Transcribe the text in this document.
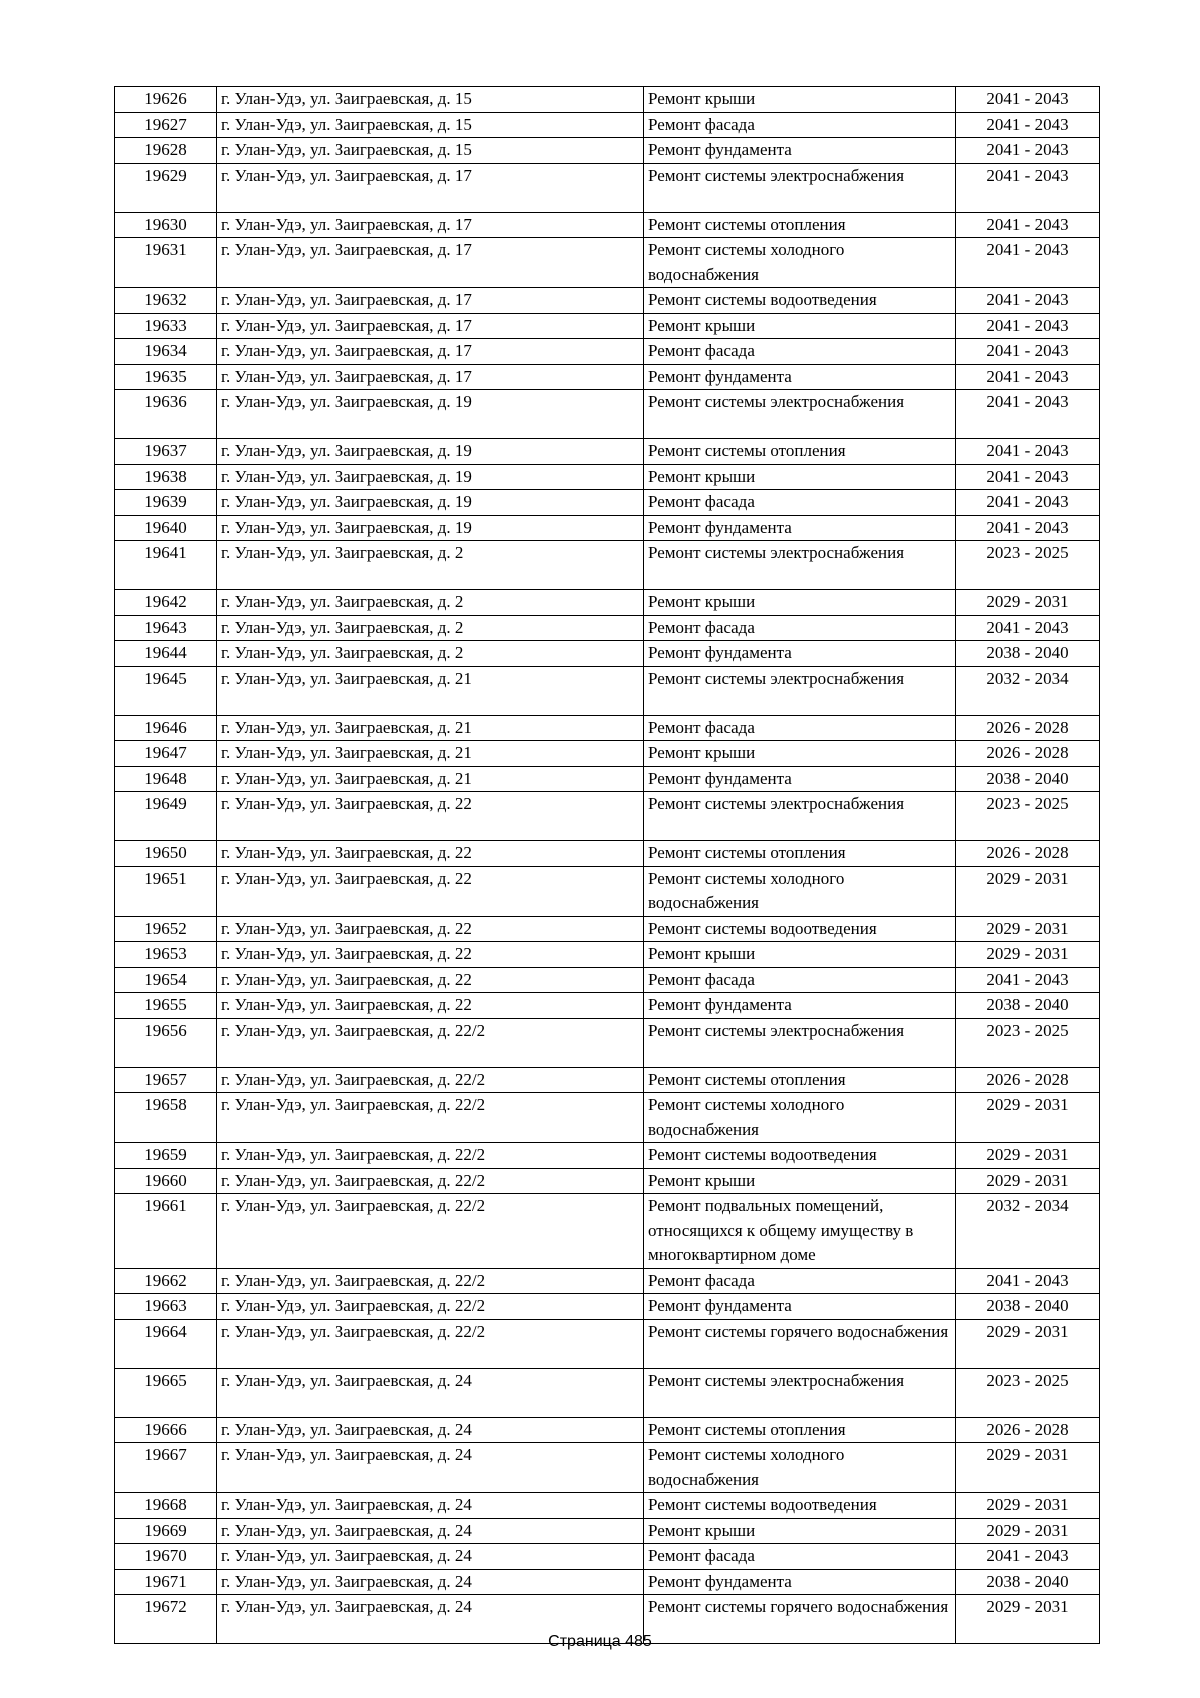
19626	г. Улан-Удэ, ул. Заиграевская, д. 15	Ремонт крыши	2041 - 2043
19627	г. Улан-Удэ, ул. Заиграевская, д. 15	Ремонт фасада	2041 - 2043
19628	г. Улан-Удэ, ул. Заиграевская, д. 15	Ремонт фундамента	2041 - 2043
19629	г. Улан-Удэ, ул. Заиграевская, д. 17	Ремонт системы электроснабжения	2041 - 2043
19630	г. Улан-Удэ, ул. Заиграевская, д. 17	Ремонт системы отопления	2041 - 2043
19631	г. Улан-Удэ, ул. Заиграевская, д. 17	Ремонт системы холодного водоснабжения	2041 - 2043
19632	г. Улан-Удэ, ул. Заиграевская, д. 17	Ремонт системы водоотведения	2041 - 2043
19633	г. Улан-Удэ, ул. Заиграевская, д. 17	Ремонт крыши	2041 - 2043
19634	г. Улан-Удэ, ул. Заиграевская, д. 17	Ремонт фасада	2041 - 2043
19635	г. Улан-Удэ, ул. Заиграевская, д. 17	Ремонт фундамента	2041 - 2043
19636	г. Улан-Удэ, ул. Заиграевская, д. 19	Ремонт системы электроснабжения	2041 - 2043
19637	г. Улан-Удэ, ул. Заиграевская, д. 19	Ремонт системы отопления	2041 - 2043
19638	г. Улан-Удэ, ул. Заиграевская, д. 19	Ремонт крыши	2041 - 2043
19639	г. Улан-Удэ, ул. Заиграевская, д. 19	Ремонт фасада	2041 - 2043
19640	г. Улан-Удэ, ул. Заиграевская, д. 19	Ремонт фундамента	2041 - 2043
19641	г. Улан-Удэ, ул. Заиграевская, д. 2	Ремонт системы электроснабжения	2023 - 2025
19642	г. Улан-Удэ, ул. Заиграевская, д. 2	Ремонт крыши	2029 - 2031
19643	г. Улан-Удэ, ул. Заиграевская, д. 2	Ремонт фасада	2041 - 2043
19644	г. Улан-Удэ, ул. Заиграевская, д. 2	Ремонт фундамента	2038 - 2040
19645	г. Улан-Удэ, ул. Заиграевская, д. 21	Ремонт системы электроснабжения	2032 - 2034
19646	г. Улан-Удэ, ул. Заиграевская, д. 21	Ремонт фасада	2026 - 2028
19647	г. Улан-Удэ, ул. Заиграевская, д. 21	Ремонт крыши	2026 - 2028
19648	г. Улан-Удэ, ул. Заиграевская, д. 21	Ремонт фундамента	2038 - 2040
19649	г. Улан-Удэ, ул. Заиграевская, д. 22	Ремонт системы электроснабжения	2023 - 2025
19650	г. Улан-Удэ, ул. Заиграевская, д. 22	Ремонт системы отопления	2026 - 2028
19651	г. Улан-Удэ, ул. Заиграевская, д. 22	Ремонт системы холодного водоснабжения	2029 - 2031
19652	г. Улан-Удэ, ул. Заиграевская, д. 22	Ремонт системы водоотведения	2029 - 2031
19653	г. Улан-Удэ, ул. Заиграевская, д. 22	Ремонт крыши	2029 - 2031
19654	г. Улан-Удэ, ул. Заиграевская, д. 22	Ремонт фасада	2041 - 2043
19655	г. Улан-Удэ, ул. Заиграевская, д. 22	Ремонт фундамента	2038 - 2040
19656	г. Улан-Удэ, ул. Заиграевская, д. 22/2	Ремонт системы электроснабжения	2023 - 2025
19657	г. Улан-Удэ, ул. Заиграевская, д. 22/2	Ремонт системы отопления	2026 - 2028
19658	г. Улан-Удэ, ул. Заиграевская, д. 22/2	Ремонт системы холодного водоснабжения	2029 - 2031
19659	г. Улан-Удэ, ул. Заиграевская, д. 22/2	Ремонт системы водоотведения	2029 - 2031
19660	г. Улан-Удэ, ул. Заиграевская, д. 22/2	Ремонт крыши	2029 - 2031
19661	г. Улан-Удэ, ул. Заиграевская, д. 22/2	Ремонт подвальных помещений, относящихся к общему имуществу в многоквартирном доме	2032 - 2034
19662	г. Улан-Удэ, ул. Заиграевская, д. 22/2	Ремонт фасада	2041 - 2043
19663	г. Улан-Удэ, ул. Заиграевская, д. 22/2	Ремонт фундамента	2038 - 2040
19664	г. Улан-Удэ, ул. Заиграевская, д. 22/2	Ремонт системы горячего водоснабжения	2029 - 2031
19665	г. Улан-Удэ, ул. Заиграевская, д. 24	Ремонт системы электроснабжения	2023 - 2025
19666	г. Улан-Удэ, ул. Заиграевская, д. 24	Ремонт системы отопления	2026 - 2028
19667	г. Улан-Удэ, ул. Заиграевская, д. 24	Ремонт системы холодного водоснабжения	2029 - 2031
19668	г. Улан-Удэ, ул. Заиграевская, д. 24	Ремонт системы водоотведения	2029 - 2031
19669	г. Улан-Удэ, ул. Заиграевская, д. 24	Ремонт крыши	2029 - 2031
19670	г. Улан-Удэ, ул. Заиграевская, д. 24	Ремонт фасада	2041 - 2043
19671	г. Улан-Удэ, ул. Заиграевская, д. 24	Ремонт фундамента	2038 - 2040
19672	г. Улан-Удэ, ул. Заиграевская, д. 24	Ремонт системы горячего водоснабжения	2029 - 2031
Страница 485
